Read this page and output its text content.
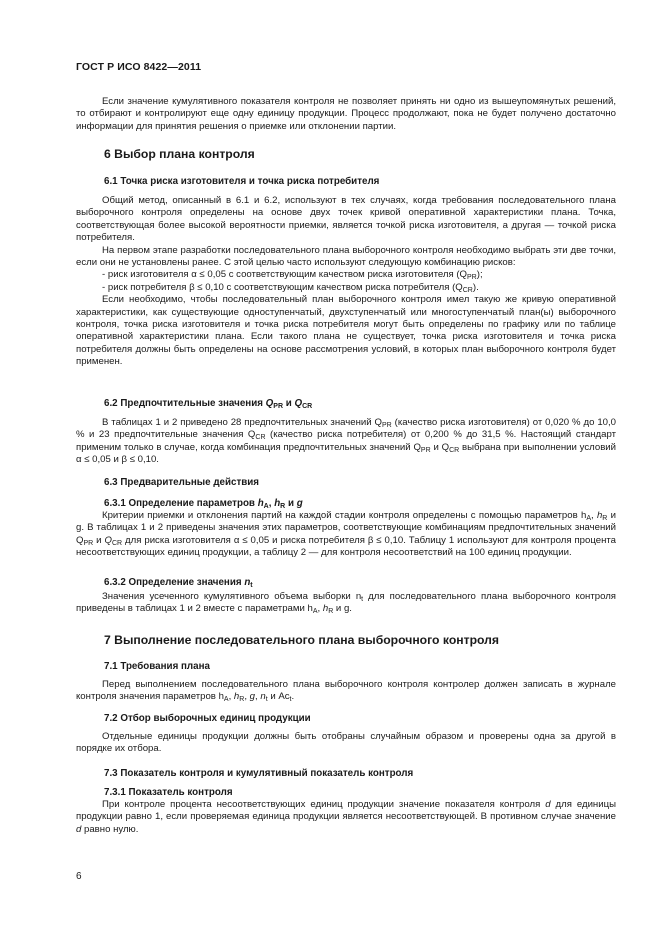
ГОСТ Р ИСО 8422—2011

Если значение кумулятивного показателя контроля не позволяет принять ни одно из вышеупомянутых решений, то отбирают и контролируют еще одну единицу продукции. Процесс продолжают, пока не будет получено достаточно информации для принятия решения о приемке или отклонении партии.

6 Выбор плана контроля
6.1 Точка риска изготовителя и точка риска потребителя

Общий метод, описанный в 6.1 и 6.2, используют в тех случаях, когда требования последовательного плана выборочного контроля определены на основе двух точек кривой оперативной характеристики плана. Точка, соответствующая более высокой вероятности приемки, является точкой риска изготовителя, а другая — точкой риска потребителя.

На первом этапе разработки последовательного плана выборочного контроля необходимо выбрать эти две точки, если они не установлены ранее. С этой целью часто используют следующую комбинацию рисков:

- риск изготовителя α ≤ 0,05 с соответствующим качеством риска изготовителя $(Q_{PR})$;

- риск потребителя β ≤ 0,10 с соответствующим качеством риска потребителя $(Q_{CR})$.

Если необходимо, чтобы последовательный план выборочного контроля имел такую же кривую оперативной характеристики, как существующие одноступенчатый, двухступенчатый или многоступенчатый план(ы) выборочного контроля, точка риска изготовителя и точка риска потребителя могут быть определены по графику или по таблице оперативной характеристики плана. Если такого плана не существует, точка риска изготовителя и точка риска потребителя должны быть определены на основе рассмотрения условий, в которых план выборочного контроля будет применен.

6.2 Предпочтительные значения $Q_{PR}$ и $Q_{CR}$

В таблицах 1 и 2 приведено 28 предпочтительных значений $Q_{PR}$ (качество риска изготовителя) от 0,020 % до 10,0 % и 23 предпочтительные значения $Q_{CR}$ (качество риска потребителя) от 0,200 % до 31,5 %. Настоящий стандарт применим только в случае, когда комбинация предпочтительных значений $Q_{PR}$ и $Q_{CR}$ выбрана при выполнении условий α ≤ 0,05 и β ≤ 0,10.

6.3 Предварительные действия
6.3.1 Определение параметров $h_A$, $h_R$ и g

Критерии приемки и отклонения партий на каждой стадии контроля определены с помощью параметров $h_A$, $h_R$ и g. В таблицах 1 и 2 приведены значения этих параметров, соответствующие комбинациям предпочтительных значений $Q_{PR}$ и $Q_{CR}$ для риска изготовителя α ≤ 0,05 и риска потребителя β ≤ 0,10. Таблицу 1 используют для контроля процента несоответствующих единиц продукции, а таблицу 2 — для контроля несоответствий на 100 единиц продукции.

6.3.2 Определение значения $n_t$

Значения усеченного кумулятивного объема выборки $n_t$ для последовательного плана выборочного контроля приведены в таблицах 1 и 2 вместе с параметрами $h_A$, $h_R$ и g.

7 Выполнение последовательного плана выборочного контроля
7.1 Требования плана

Перед выполнением последовательного плана выборочного контроля контролер должен записать в журнале контроля значения параметров $h_A$, $h_R$, g, $n_t$ и $Ac_t$.

7.2 Отбор выборочных единиц продукции

Отдельные единицы продукции должны быть отобраны случайным образом и проверены одна за другой в порядке их отбора.

7.3 Показатель контроля и кумулятивный показатель контроля
7.3.1 Показатель контроля

При контроле процента несоответствующих единиц продукции значение показателя контроля d для единицы продукции равно 1, если проверяемая единица продукции является несоответствующей. В противном случае значение d равно нулю.

6
